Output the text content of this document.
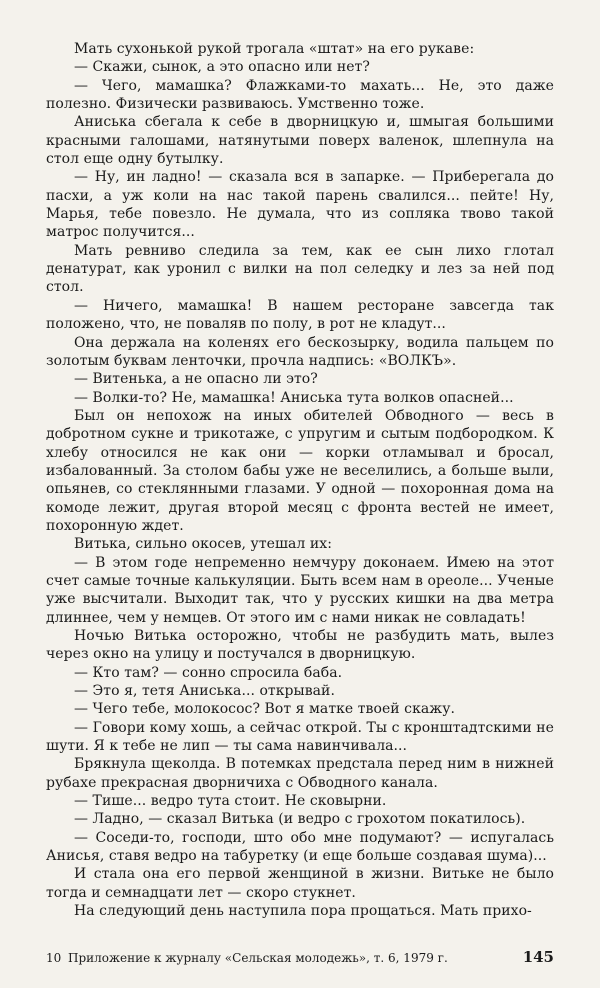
Мать сухонькой рукой трогала «штат» на его рукаве:

— Скажи, сынок, а это опасно или нет?

— Чего, мамашка? Флажками-то махать... Не, это даже полезно. Физически развиваюсь. Умственно тоже.

Аниська сбегала к себе в дворницкую и, шмыгая большими красными галошами, натянутыми поверх валенок, шлепнула на стол еще одну бутылку.

— Ну, ин ладно! — сказала вся в запарке. — Приберегала до пасхи, а уж коли на нас такой парень свалился... пейте! Ну, Марья, тебе повезло. Не думала, что из сопляка твово такой матрос получится...

Мать ревниво следила за тем, как ее сын лихо глотал денатурат, как уронил с вилки на пол селедку и лез за ней под стол.

— Ничего, мамашка! В нашем ресторане завсегда так положено, что, не поваляв по полу, в рот не кладут...

Она держала на коленях его бескозырку, водила пальцем по золотым буквам ленточки, прочла надпись: «ВОЛКЪ».

— Витенька, а не опасно ли это?

— Волки-то? Не, мамашка! Аниська тута волков опасней...

Был он непохож на иных обителей Обводного — весь в добротном сукне и трикотаже, с упругим и сытым подбородком. К хлебу относился не как они — корки отламывал и бросал, избалованный. За столом бабы уже не веселились, а больше выли, опьянев, со стеклянными глазами. У одной — похоронная дома на комоде лежит, другая второй месяц с фронта вестей не имеет, похоронную ждет.

Витька, сильно окосев, утешал их:

— В этом годе непременно немчуру доконаем. Имею на этот счет самые точные калькуляции. Быть всем нам в ореоле... Ученые уже высчитали. Выходит так, что у русских кишки на два метра длиннее, чем у немцев. От этого им с нами никак не совладать!

Ночью Витька осторожно, чтобы не разбудить мать, вылез через окно на улицу и постучался в дворницкую.

— Кто там? — сонно спросила баба.

— Это я, тетя Аниська... открывай.

— Чего тебе, молокосос? Вот я матке твоей скажу.

— Говори кому хошь, а сейчас открой. Ты с кронштадтскими не шути. Я к тебе не лип — ты сама навинчивала...

Брякнула щеколда. В потемках предстала перед ним в нижней рубахе прекрасная дворничиха с Обводного канала.

— Тише... ведро тута стоит. Не сковырни.

— Ладно, — сказал Витька (и ведро с грохотом покатилось).

— Соседи-то, господи, што обо мне подумают? — испугалась Анисья, ставя ведро на табуретку (и еще больше создавая шума)...

И стала она его первой женщиной в жизни. Витьке не было тогда и семнадцати лет — скоро стукнет.

На следующий день наступила пора прощаться. Мать прихо-

10 Приложение к журналу «Сельская молодежь», т. 6, 1979 г.	145
